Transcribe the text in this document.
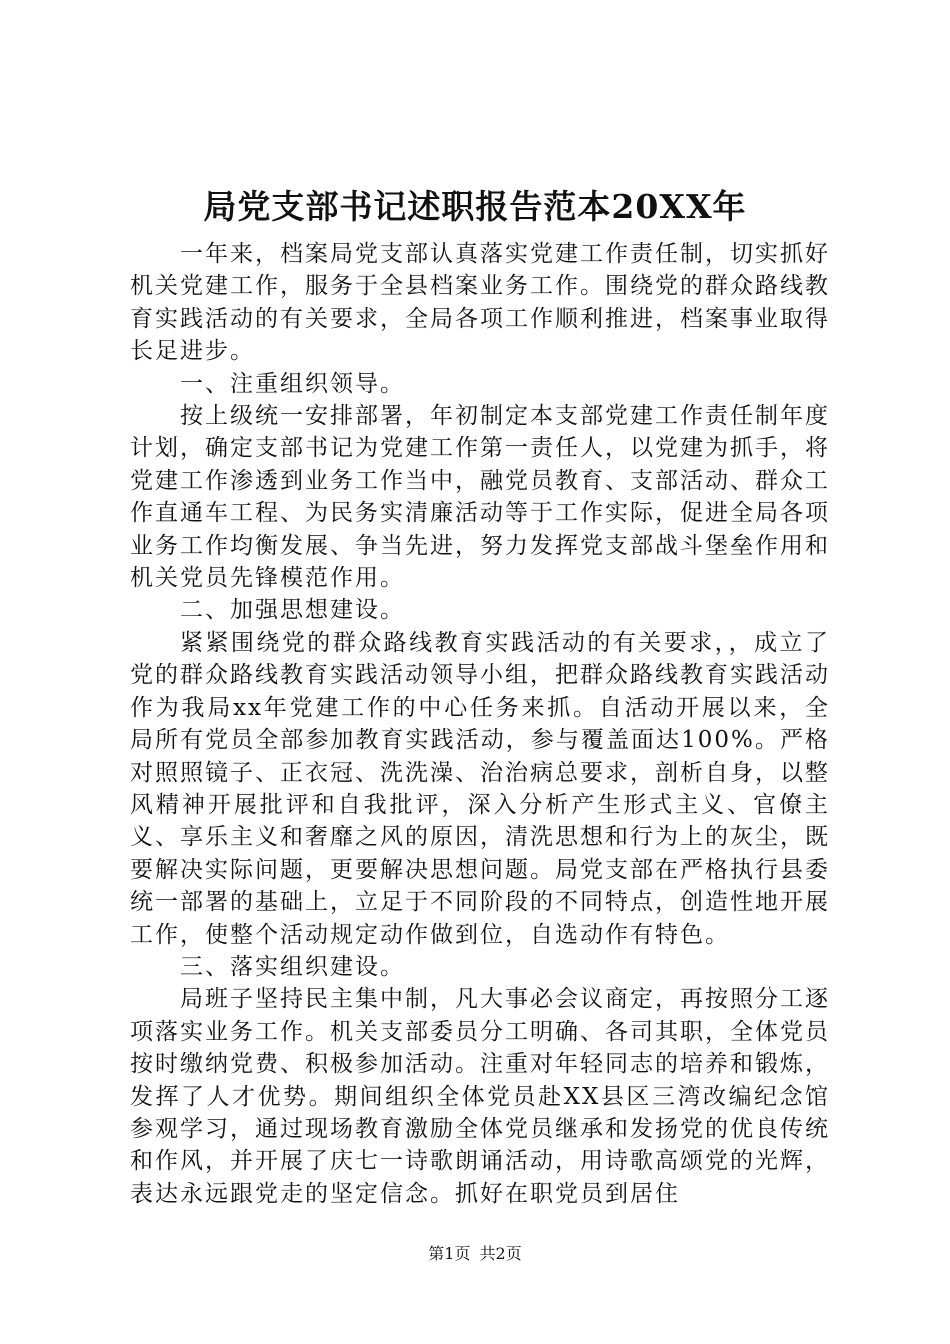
局党支部书记述职报告范本20XX年

一年来，档案局党支部认真落实党建工作责任制，切实抓好机关党建工作，服务于全县档案业务工作。围绕党的群众路线教育实践活动的有关要求，全局各项工作顺利推进，档案事业取得长足进步。

一、注重组织领导。

按上级统一安排部署，年初制定本支部党建工作责任制年度计划，确定支部书记为党建工作第一责任人，以党建为抓手，将党建工作渗透到业务工作当中，融党员教育、支部活动、群众工作直通车工程、为民务实清廉活动等于工作实际，促进全局各项业务工作均衡发展、争当先进，努力发挥党支部战斗堡垒作用和机关党员先锋模范作用。

二、加强思想建设。

紧紧围绕党的群众路线教育实践活动的有关要求，，成立了党的群众路线教育实践活动领导小组，把群众路线教育实践活动作为我局xx年党建工作的中心任务来抓。自活动开展以来，全局所有党员全部参加教育实践活动，参与覆盖面达100%。严格对照照镜子、正衣冠、洗洗澡、治治病总要求，剖析自身，以整风精神开展批评和自我批评，深入分析产生形式主义、官僚主义、享乐主义和奢靡之风的原因，清洗思想和行为上的灰尘，既要解决实际问题，更要解决思想问题。局党支部在严格执行县委统一部署的基础上，立足于不同阶段的不同特点，创造性地开展工作，使整个活动规定动作做到位，自选动作有特色。

三、落实组织建设。

局班子坚持民主集中制，凡大事必会议商定，再按照分工逐项落实业务工作。机关支部委员分工明确、各司其职，全体党员按时缴纳党费、积极参加活动。注重对年轻同志的培养和锻炼，发挥了人才优势。期间组织全体党员赴XX县区三湾改编纪念馆参观学习，通过现场教育激励全体党员继承和发扬党的优良传统和作风，并开展了庆七一诗歌朗诵活动，用诗歌高颂党的光辉，表达永远跟党走的坚定信念。抓好在职党员到居住

第1页 共2页
